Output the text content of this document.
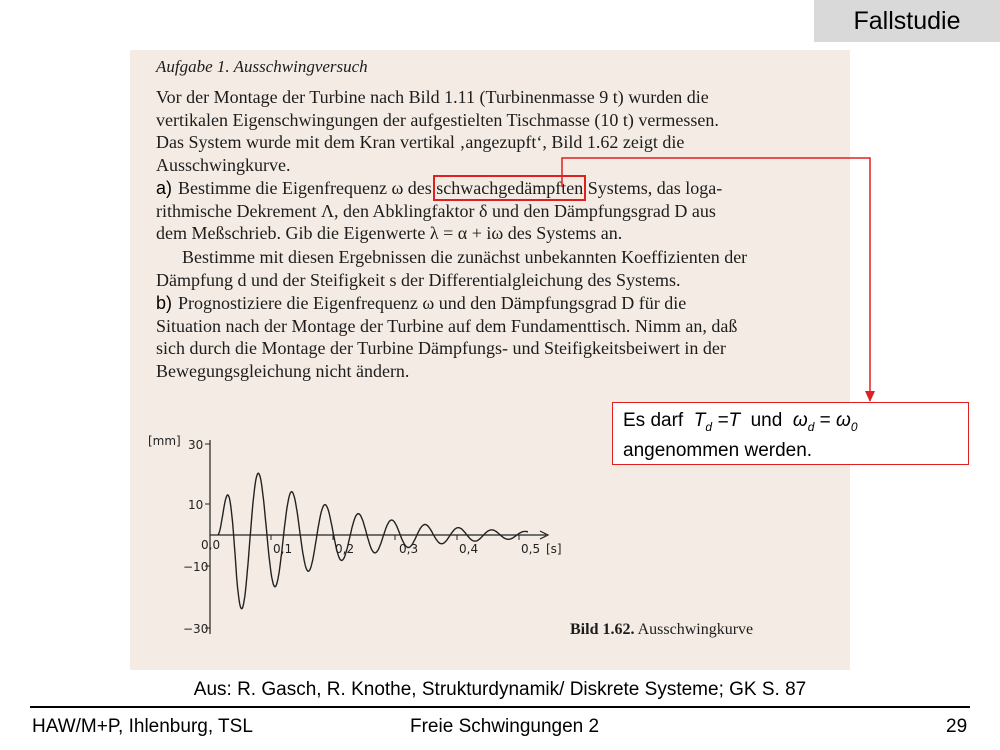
Fallstudie
Aufgabe 1. Ausschwingversuch
Vor der Montage der Turbine nach Bild 1.11 (Turbinenmasse 9 t) wurden die
vertikalen Eigenschwingungen der aufgestielten Tischmasse (10 t) vermessen.
Das System wurde mit dem Kran vertikal ‚angezupft‘, Bild 1.62 zeigt die
Ausschwingkurve.
a) Bestimme die Eigenfrequenz ω des schwachgedämpften Systems, das loga-
rithmische Dekrement Λ, den Abklingfaktor δ und den Dämpfungsgrad D aus
dem Meßschrieb. Gib die Eigenwerte λ = α + iω des Systems an.
Bestimme mit diesen Ergebnissen die zunächst unbekannten Koeffizienten der
Dämpfung d und der Steifigkeit s der Differentialgleichung des Systems.
b) Prognostiziere die Eigenfrequenz ω und den Dämpfungsgrad D für die
Situation nach der Montage der Turbine auf dem Fundamenttisch. Nimm an, daß
sich durch die Montage der Turbine Dämpfungs- und Steifigkeitsbeiwert in der
Bewegungsgleichung nicht ändern.
Bild 1.62. Ausschwingkurve
[mm] 30
10
0,0
−10
−30
0,1	0,2	0,3	0,4	0,5 [s]
Es darf $T_d =T$ und $\omega_d = \omega_0$
angenommen werden.
Aus: R. Gasch, R. Knothe, Strukturdynamik/ Diskrete Systeme; GK S. 87
HAW/M+P, Ihlenburg, TSL	Freie Schwingungen 2	29
